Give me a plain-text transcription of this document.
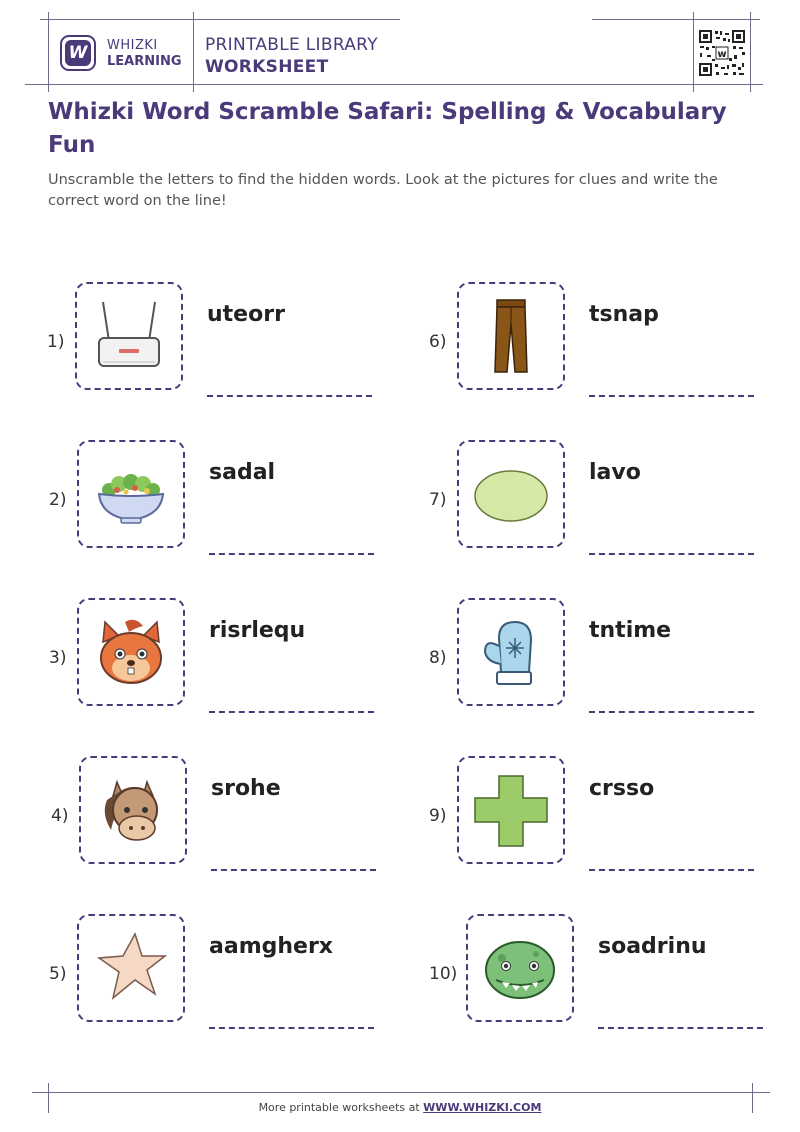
W WHIZKI
LEARNING
PRINTABLE LIBRARY
WORKSHEET
w
Whizki Word Scramble Safari: Spelling & Vocabulary Fun

Unscramble the letters to find the hidden words. Look at the pictures for clues and write the correct word on the line!

1)
uteorr
2)
sadal
3)
risrlequ
4)
srohe
5)
aamgherx
6)
tsnap
7)
lavo
8)
tntime
9)
crsso
10)
soadrinu
More printable worksheets at WWW.WHIZKI.COM
